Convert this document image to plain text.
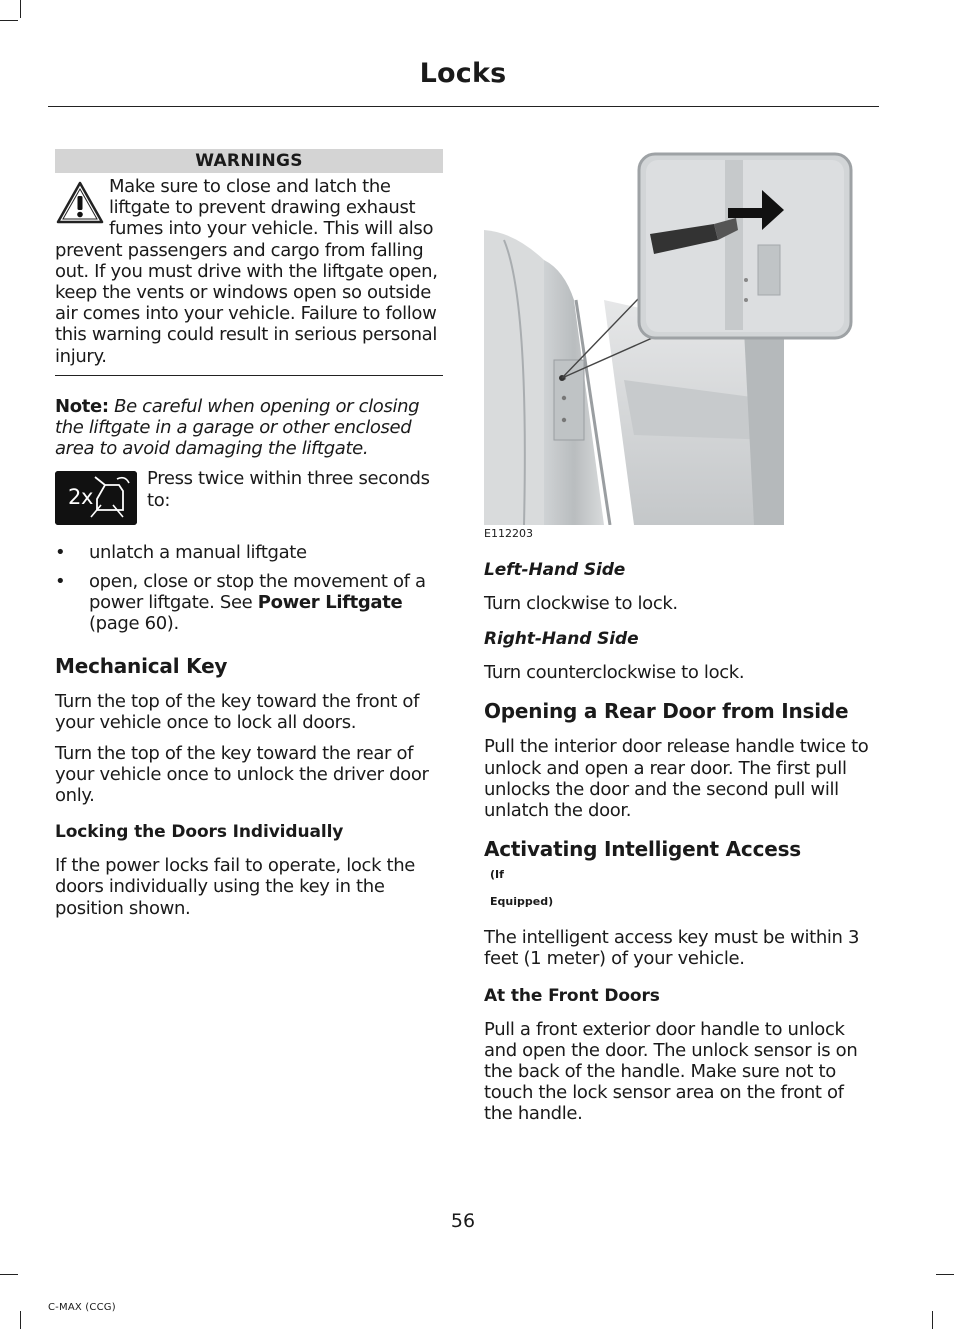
Locks
WARNINGS
Make sure to close and latch the liftgate to prevent drawing exhaust fumes into your vehicle. This will also prevent passengers and cargo from falling out. If you must drive with the liftgate open, keep the vents or windows open so outside air comes into your vehicle. Failure to follow this warning could result in serious personal injury.
Note: Be careful when opening or closing the liftgate in a garage or other enclosed area to avoid damaging the liftgate.
2x
Press twice within three seconds to:
• unlatch a manual liftgate
• open, close or stop the movement of a power liftgate. See Power Liftgate (page 60).
Mechanical Key
Turn the top of the key toward the front of your vehicle once to lock all doors.
Turn the top of the key toward the rear of your vehicle once to unlock the driver door only.
Locking the Doors Individually
If the power locks fail to operate, lock the doors individually using the key in the position shown.
E112203
Left-Hand Side
Turn clockwise to lock.
Right-Hand Side
Turn counterclockwise to lock.
Opening a Rear Door from Inside
Pull the interior door release handle twice to unlock and open a rear door. The first pull unlocks the door and the second pull will unlatch the door.
Activating Intelligent Access (If Equipped)
The intelligent access key must be within 3 feet (1 meter) of your vehicle.
At the Front Doors
Pull a front exterior door handle to unlock and open the door. The unlock sensor is on the back of the handle. Make sure not to touch the lock sensor area on the front of the handle.
56
C-MAX (CCG)
